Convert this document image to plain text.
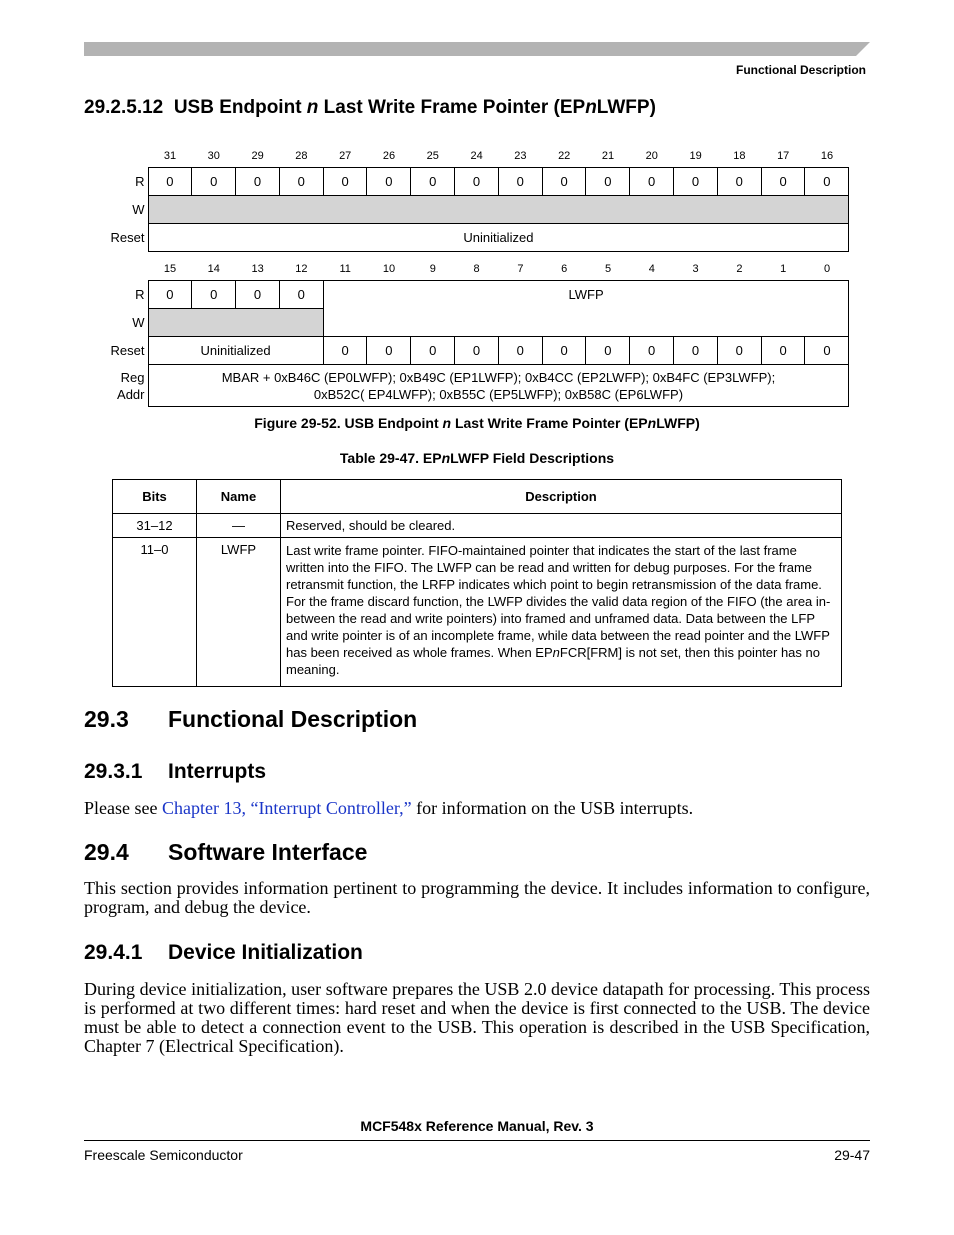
Functional Description
29.2.5.12 USB Endpoint n Last Write Frame Pointer (EPnLWFP)
31	30	29	28	27	26	25	24	23	22	21	20	19	18	17	16
R	0	0	0	0	0	0	0	0	0	0	0	0	0	0	0	0
W																
Reset	Uninitialized															
15	14	13	12	11	10	9	8	7	6	5	4	3	2	1	0
R	0	0	0	0	LWFP											
W																
Reset	Uninitialized				0	0	0	0	0	0	0	0	0	0	0	0
Reg
Addr	MBAR + 0xB46C (EP0LWFP); 0xB49C (EP1LWFP); 0xB4CC (EP2LWFP); 0xB4FC (EP3LWFP);
0xB52C( EP4LWFP); 0xB55C (EP5LWFP); 0xB58C (EP6LWFP)															
Figure 29-52. USB Endpoint n Last Write Frame Pointer (EPnLWFP)
Table 29-47. EPnLWFP Field Descriptions
Bits	Name	Description
31–12	—	Reserved, should be cleared.
11–0	LWFP	Last write frame pointer. FIFO-maintained pointer that indicates the start of the last frame written into the FIFO. The LWFP can be read and written for debug purposes. For the frame retransmit function, the LRFP indicates which point to begin retransmission of the data frame. For the frame discard function, the LWFP divides the valid data region of the FIFO (the area in-between the read and write pointers) into framed and unframed data. Data between the LFP and write pointer is of an incomplete frame, while data between the read pointer and the LWFP has been received as whole frames. When EPnFCR[FRM] is not set, then this pointer has no meaning.
29.3 Functional Description
29.3.1 Interrupts
Please see Chapter 13, “Interrupt Controller,” for information on the USB interrupts.
29.4 Software Interface
This section provides information pertinent to programming the device. It includes information to configure, program, and debug the device.
29.4.1 Device Initialization
During device initialization, user software prepares the USB 2.0 device datapath for processing. This process is performed at two different times: hard reset and when the device is first connected to the USB. The device must be able to detect a connection event to the USB. This operation is described in the USB Specification, Chapter 7 (Electrical Specification).
MCF548x Reference Manual, Rev. 3
Freescale Semiconductor	29-47
